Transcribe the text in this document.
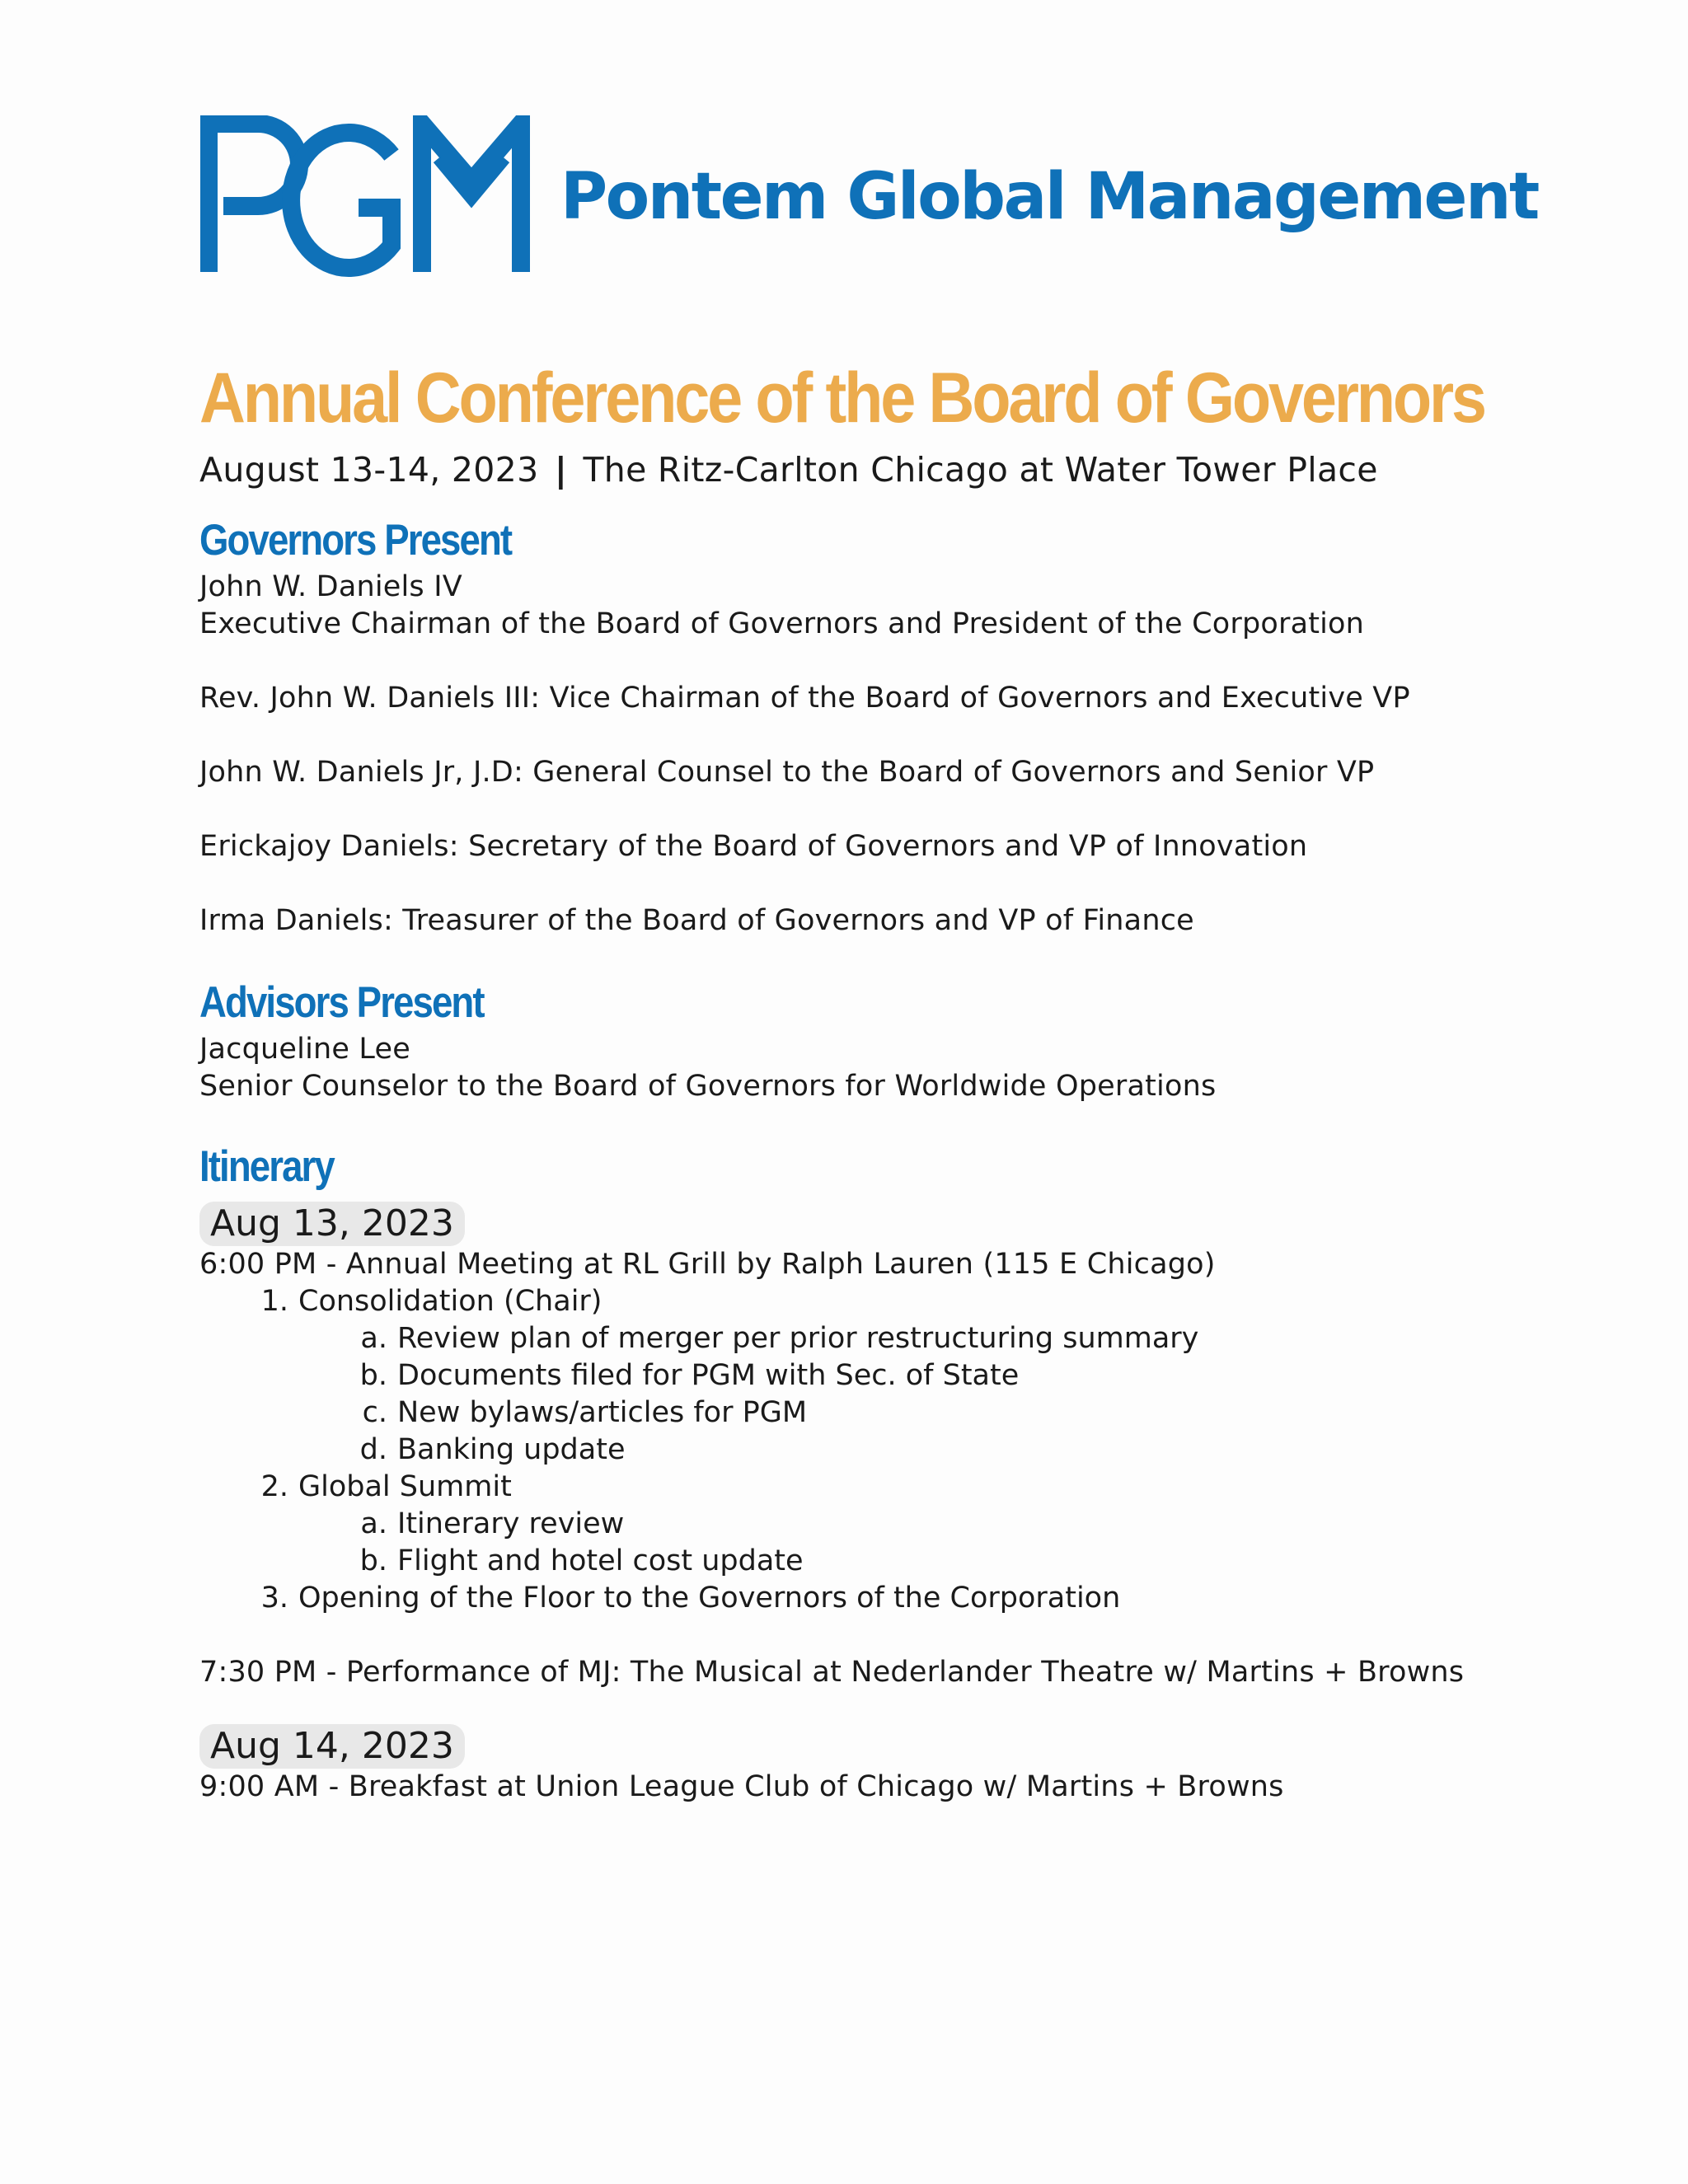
Pontem Global Management
Annual Conference of the Board of Governors
August 13-14, 2023 | The Ritz-Carlton Chicago at Water Tower Place
Governors Present
John W. Daniels IV
Executive Chairman of the Board of Governors and President of the Corporation
Rev. John W. Daniels III: Vice Chairman of the Board of Governors and Executive VP
John W. Daniels Jr, J.D: General Counsel to the Board of Governors and Senior VP
Erickajoy Daniels: Secretary of the Board of Governors and VP of Innovation
Irma Daniels: Treasurer of the Board of Governors and VP of Finance
Advisors Present
Jacqueline Lee
Senior Counselor to the Board of Governors for Worldwide Operations
Itinerary
Aug 13, 2023
6:00 PM - Annual Meeting at RL Grill by Ralph Lauren (115 E Chicago)
1. Consolidation (Chair)
a. Review plan of merger per prior restructuring summary
b. Documents filed for PGM with Sec. of State
c. New bylaws/articles for PGM
d. Banking update
2. Global Summit
a. Itinerary review
b. Flight and hotel cost update
3. Opening of the Floor to the Governors of the Corporation
7:30 PM - Performance of MJ: The Musical at Nederlander Theatre w/ Martins + Browns
Aug 14, 2023
9:00 AM - Breakfast at Union League Club of Chicago w/ Martins + Browns
